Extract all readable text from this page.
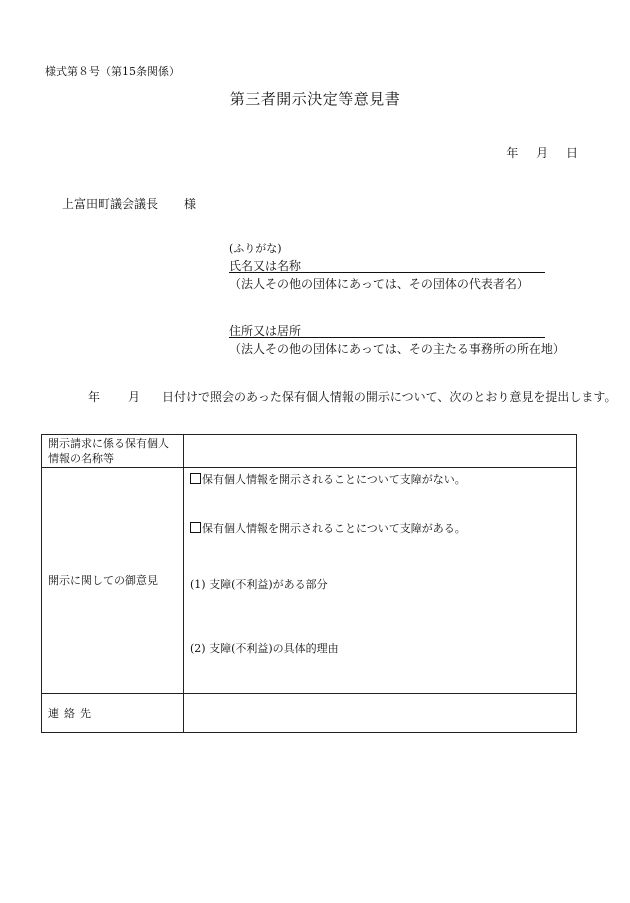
様式第８号（第15条関係）
第三者開示決定等意見書
年 月 日
上富田町議会議長 様
(ふりがな)
氏名又は名称
（法人その他の団体にあっては、その団体の代表者名）
住所又は居所
（法人その他の団体にあっては、その主たる事務所の所在地）
年 月 日付けで照会のあった保有個人情報の開示について、次のとおり意見を提出します。
開示請求に係る保有個人情報の名称等	
開示に関しての御意見	保有個人情報を開示されることについて支障がない。
保有個人情報を開示されることについて支障がある。
(1) 支障(不利益)がある部分
(2) 支障(不利益)の具体的理由

連絡先	
